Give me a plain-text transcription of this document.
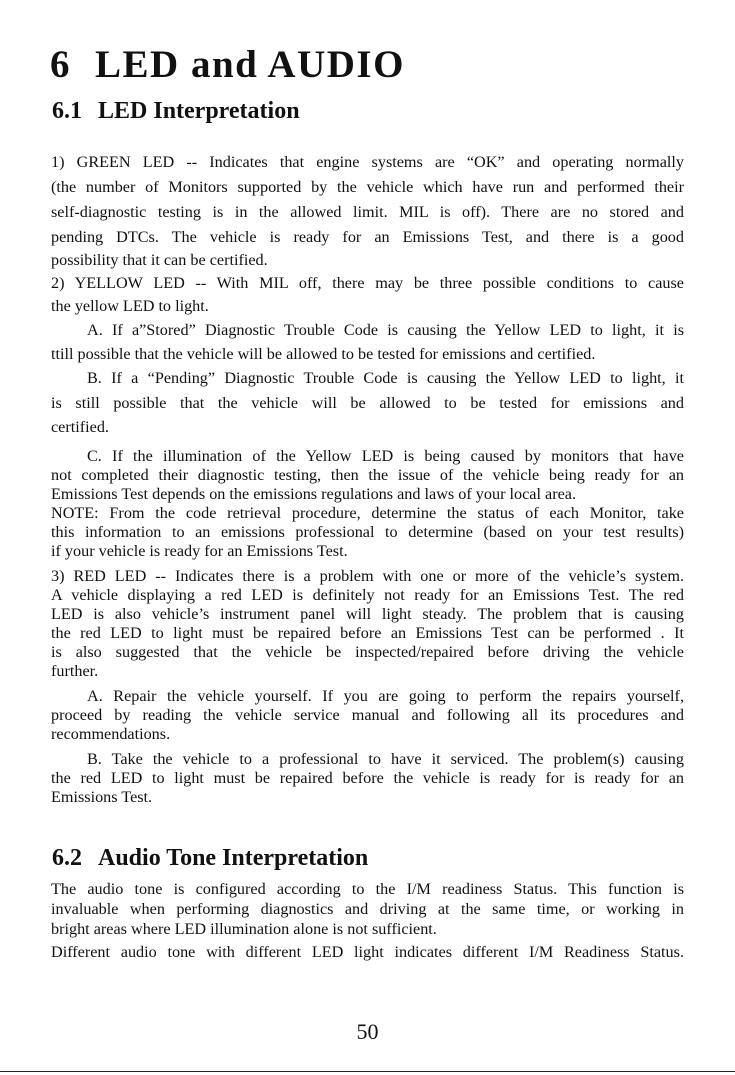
6 LED and AUDIO
6.1 LED Interpretation
1) GREEN LED -- Indicates that engine systems are “OK” and operating normally
(the number of Monitors supported by the vehicle which have run and performed their
self-diagnostic testing is in the allowed limit. MIL is off). There are no stored and
pending DTCs. The vehicle is ready for an Emissions Test, and there is a good
possibility that it can be certified.
2) YELLOW LED -- With MIL off, there may be three possible conditions to cause
the yellow LED to light.
A. If a”Stored” Diagnostic Trouble Code is causing the Yellow LED to light, it is
ttill possible that the vehicle will be allowed to be tested for emissions and certified.
B. If a “Pending” Diagnostic Trouble Code is causing the Yellow LED to light, it
is still possible that the vehicle will be allowed to be tested for emissions and
certified.
C. If the illumination of the Yellow LED is being caused by monitors that have
not completed their diagnostic testing, then the issue of the vehicle being ready for an
Emissions Test depends on the emissions regulations and laws of your local area.
NOTE: From the code retrieval procedure, determine the status of each Monitor, take
this information to an emissions professional to determine (based on your test results)
if your vehicle is ready for an Emissions Test.
3) RED LED -- Indicates there is a problem with one or more of the vehicle’s system.
A vehicle displaying a red LED is definitely not ready for an Emissions Test. The red
LED is also vehicle’s instrument panel will light steady. The problem that is causing
the red LED to light must be repaired before an Emissions Test can be performed . It
is also suggested that the vehicle be inspected/repaired before driving the vehicle
further.
A. Repair the vehicle yourself. If you are going to perform the repairs yourself,
proceed by reading the vehicle service manual and following all its procedures and
recommendations.
B. Take the vehicle to a professional to have it serviced. The problem(s) causing
the red LED to light must be repaired before the vehicle is ready for is ready for an
Emissions Test.
6.2 Audio Tone Interpretation
The audio tone is configured according to the I/M readiness Status. This function is
invaluable when performing diagnostics and driving at the same time, or working in
bright areas where LED illumination alone is not sufficient.
Different audio tone with different LED light indicates different I/M Readiness Status.
50
